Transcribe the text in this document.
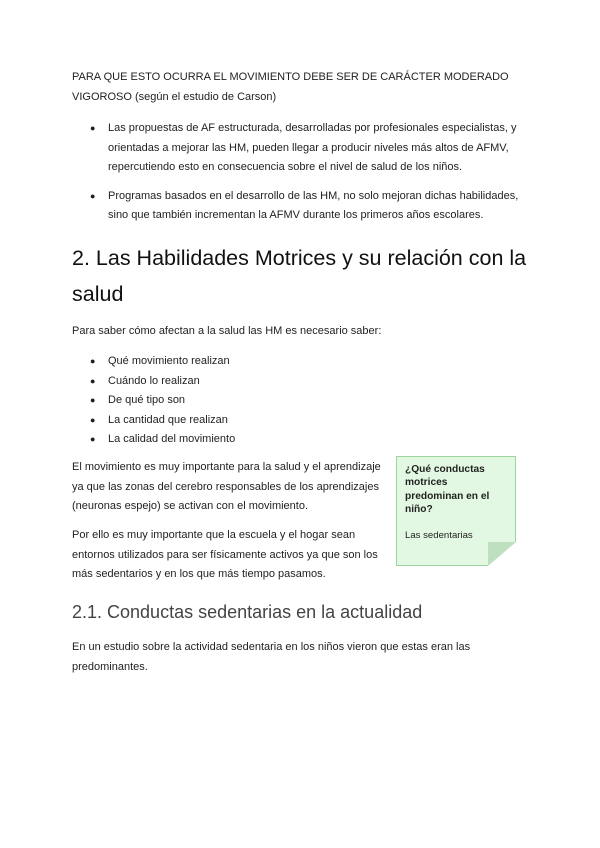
PARA QUE ESTO OCURRA EL MOVIMIENTO DEBE SER DE CARÁCTER MODERADO
VIGOROSO (según el estudio de Carson)
● Las propuestas de AF estructurada, desarrolladas por profesionales especialistas, y orientadas a mejorar las HM, pueden llegar a producir niveles más altos de AFMV, repercutiendo esto en consecuencia sobre el nivel de salud de los niños.
● Programas basados en el desarrollo de las HM, no solo mejoran dichas habilidades, sino que también incrementan la AFMV durante los primeros años escolares.
2. Las Habilidades Motrices y su relación con la salud
Para saber cómo afectan a la salud las HM es necesario saber:
● Qué movimiento realizan
● Cuándo lo realizan
● De qué tipo son
● La cantidad que realizan
● La calidad del movimiento
El movimiento es muy importante para la salud y el aprendizaje ya que las zonas del cerebro responsables de los aprendizajes (neuronas espejo) se activan con el movimiento.
Por ello es muy importante que la escuela y el hogar sean entornos utilizados para ser físicamente activos ya que son los más sedentarios y en los que más tiempo pasamos.
¿Qué conductas motrices predominan en el niño?
Las sedentarias
2.1. Conductas sedentarias en la actualidad
En un estudio sobre la actividad sedentaria en los niños vieron que estas eran las predominantes.
